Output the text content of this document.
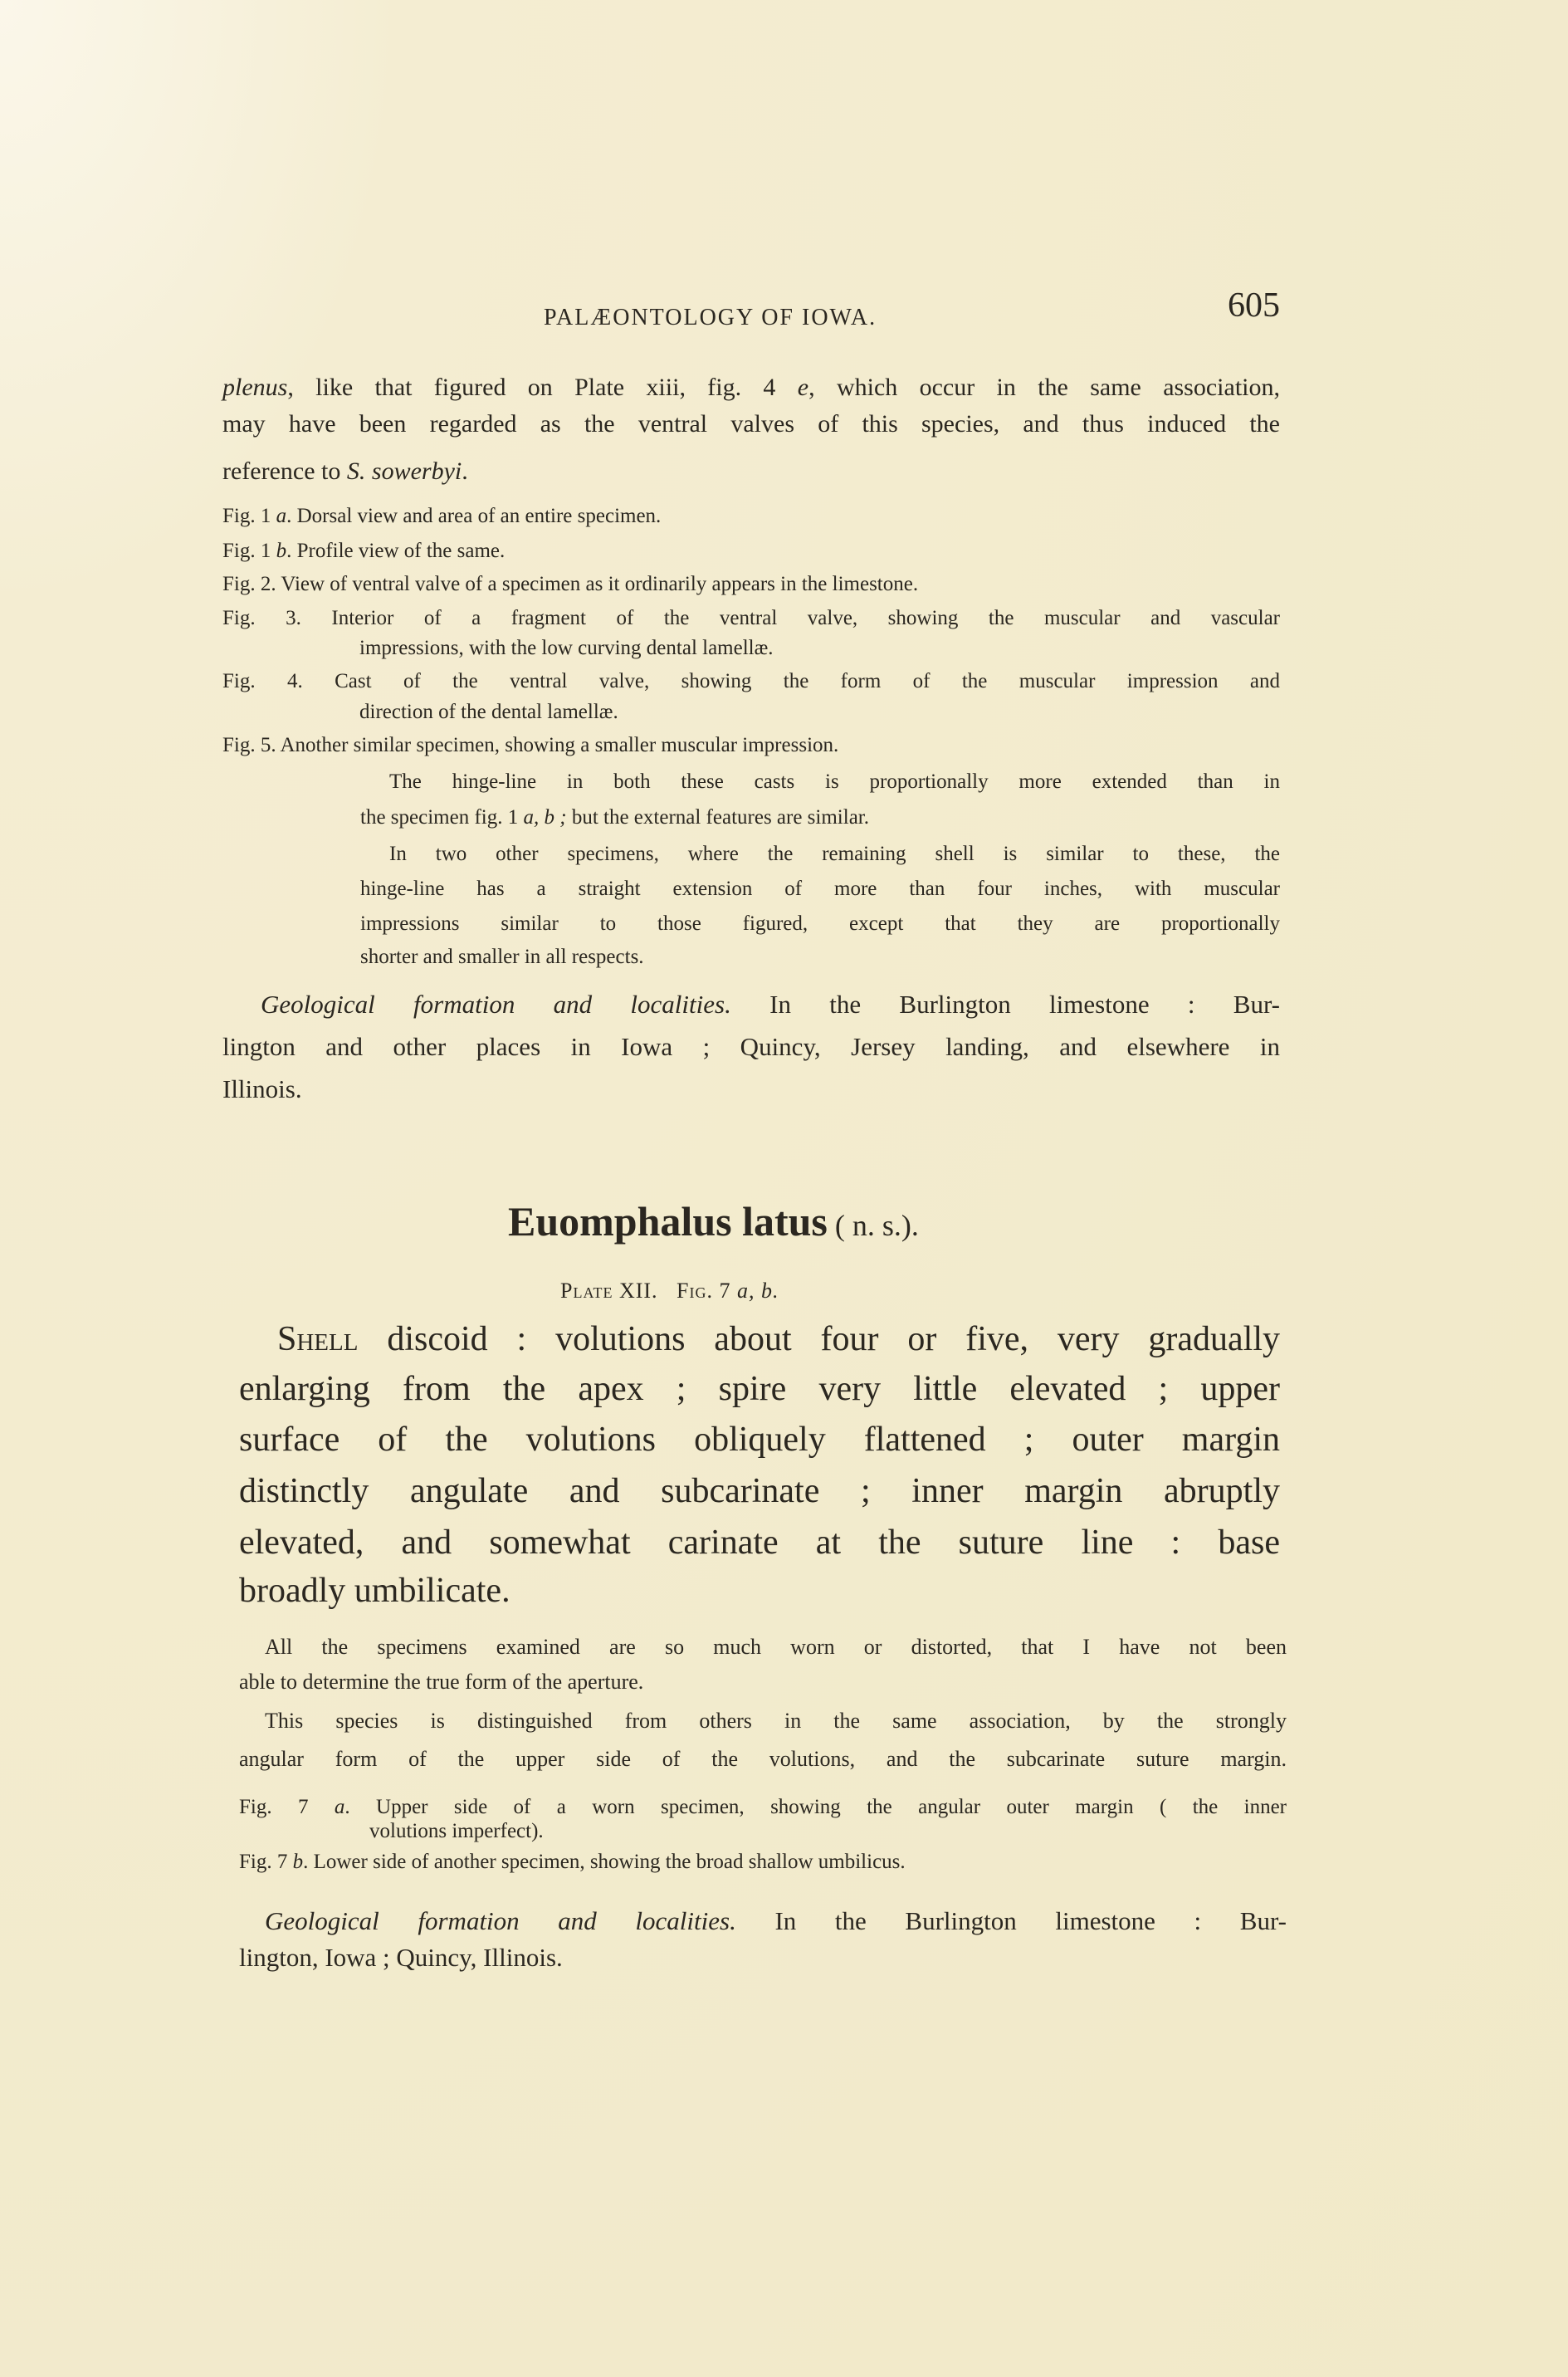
PALÆONTOLOGY OF IOWA.	605
plenus, like that figured on Plate xiii, fig. 4 e, which occur in the same association,
may have been regarded as the ventral valves of this species, and thus induced the
reference to S. sowerbyi.
Fig. 1 a. Dorsal view and area of an entire specimen.
Fig. 1 b. Profile view of the same.
Fig. 2. View of ventral valve of a specimen as it ordinarily appears in the limestone.
Fig. 3. Interior of a fragment of the ventral valve, showing the muscular and vascular
impressions, with the low curving dental lamellæ.
Fig. 4. Cast of the ventral valve, showing the form of the muscular impression and
direction of the dental lamellæ.
Fig. 5. Another similar specimen, showing a smaller muscular impression.
The hinge-line in both these casts is proportionally more extended than in
the specimen fig. 1 a, b ; but the external features are similar.
In two other specimens, where the remaining shell is similar to these, the
hinge-line has a straight extension of more than four inches, with muscular
impressions similar to those figured, except that they are proportionally
shorter and smaller in all respects.
Geological formation and localities. In the Burlington limestone : Bur-
lington and other places in Iowa ; Quincy, Jersey landing, and elsewhere in
Illinois.
Euomphalus latus ( n. s.).
Plate XII. Fig. 7 a, b.
Shell discoid : volutions about four or five, very gradually
enlarging from the apex ; spire very little elevated ; upper
surface of the volutions obliquely flattened ; outer margin
distinctly angulate and subcarinate ; inner margin abruptly
elevated, and somewhat carinate at the suture line : base
broadly umbilicate.
All the specimens examined are so much worn or distorted, that I have not been
able to determine the true form of the aperture.
This species is distinguished from others in the same association, by the strongly
angular form of the upper side of the volutions, and the subcarinate suture margin.
Fig. 7 a. Upper side of a worn specimen, showing the angular outer margin ( the inner
volutions imperfect).
Fig. 7 b. Lower side of another specimen, showing the broad shallow umbilicus.
Geological formation and localities. In the Burlington limestone : Bur-
lington, Iowa ; Quincy, Illinois.
